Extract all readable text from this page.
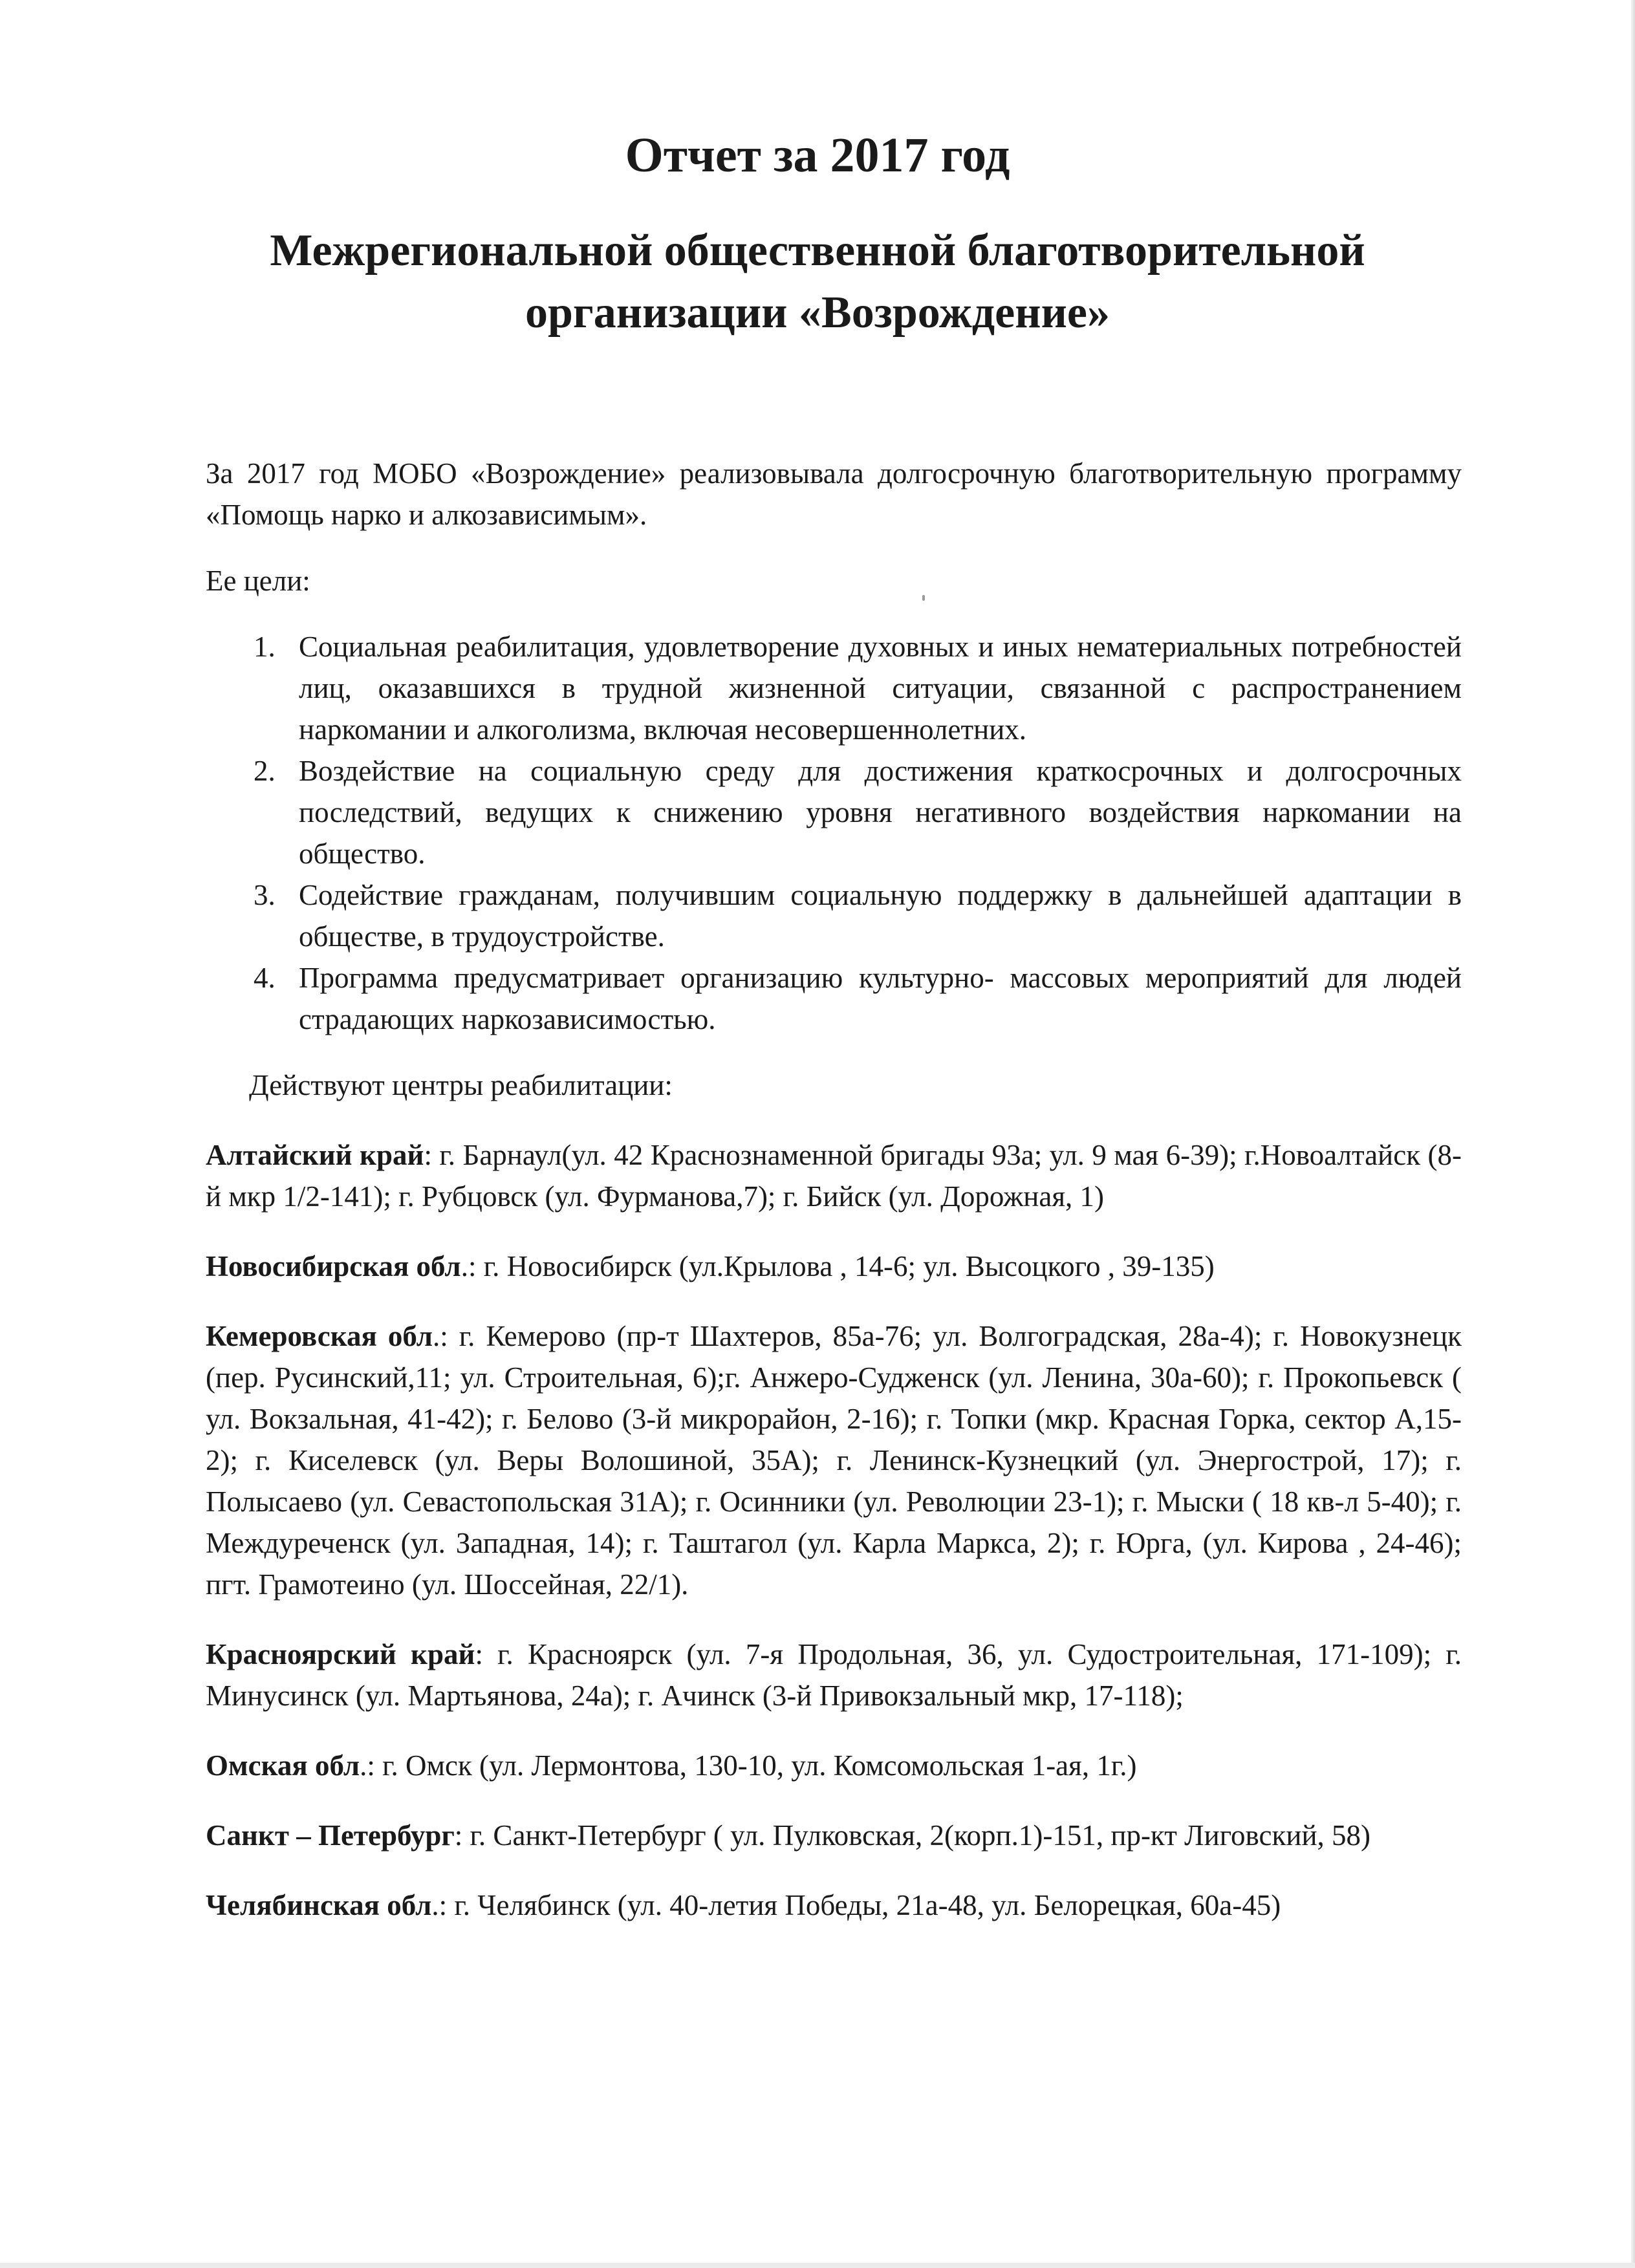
Отчет за 2017 год
Межрегиональной общественной благотворительной
организации «Возрождение»

За 2017 год МОБО «Возрождение» реализовывала долгосрочную благотворительную программу «Помощь нарко и алкозависимым».

Ее цели:

1. Социальная реабилитация, удовлетворение духовных и иных нематериальных потребностей лиц, оказавшихся в трудной жизненной ситуации, связанной с распространением наркомании и алкоголизма, включая несовершеннолетних.
2. Воздействие на социальную среду для достижения краткосрочных и долгосрочных последствий, ведущих к снижению уровня негативного воздействия наркомании на общество.
3. Содействие гражданам, получившим социальную поддержку в дальнейшей адаптации в обществе, в трудоустройстве.
4. Программа предусматривает организацию культурно- массовых мероприятий для людей страдающих наркозависимостью.

Действуют центры реабилитации:

Алтайский край: г. Барнаул(ул. 42 Краснознаменной бригады 93а; ул. 9 мая 6-39); г.Новоалтайск (8-й мкр 1/2-141); г. Рубцовск (ул. Фурманова,7); г. Бийск (ул. Дорожная, 1)

Новосибирская обл.: г. Новосибирск (ул.Крылова , 14-6; ул. Высоцкого , 39-135)

Кемеровская обл.: г. Кемерово (пр-т Шахтеров, 85а-76; ул. Волгоградская, 28а-4); г. Новокузнецк (пер. Русинский,11; ул. Строительная, 6);г. Анжеро-Судженск (ул. Ленина, 30а-60); г. Прокопьевск ( ул. Вокзальная, 41-42); г. Белово (3-й микрорайон, 2-16); г. Топки (мкр. Красная Горка, сектор А,15-2); г. Киселевск (ул. Веры Волошиной, 35А); г. Ленинск-Кузнецкий (ул. Энергострой, 17); г. Полысаево (ул. Севастопольская 31А); г. Осинники (ул. Революции 23-1); г. Мыски ( 18 кв-л 5-40); г. Междуреченск (ул. Западная, 14); г. Таштагол (ул. Карла Маркса, 2); г. Юрга, (ул. Кирова , 24-46); пгт. Грамотеино (ул. Шоссейная, 22/1).

Красноярский край: г. Красноярск (ул. 7-я Продольная, 36, ул. Судостроительная, 171-109); г. Минусинск (ул. Мартьянова, 24а); г. Ачинск (3-й Привокзальный мкр, 17-118);

Омская обл.: г. Омск (ул. Лермонтова, 130-10, ул. Комсомольская 1-ая, 1г.)

Санкт – Петербург: г. Санкт-Петербург ( ул. Пулковская, 2(корп.1)-151, пр-кт Лиговский, 58)

Челябинская обл.: г. Челябинск (ул. 40-летия Победы, 21а-48, ул. Белорецкая, 60а-45)
